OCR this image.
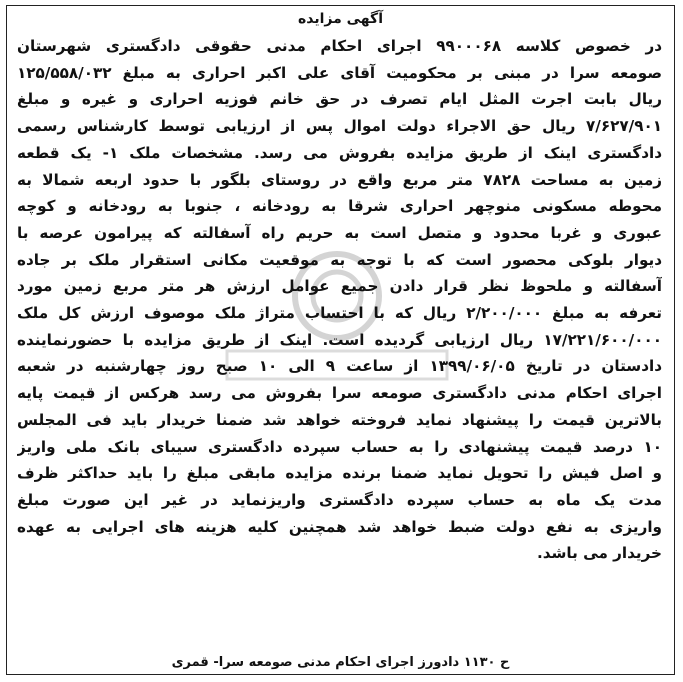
آگهی مزایده
در خصوص کلاسه ۹۹۰۰۰۶۸ اجرای احکام مدنی حقوقی دادگستری شهرستان
صومعه سرا در مبنی بر محکومیت آقای علی اکبر احراری به مبلغ ۱۲۵/۵۵۸/۰۳۲
ریال بابت اجرت المثل ایام تصرف در حق خانم فوزیه احراری و غیره و مبلغ
۷/۶۲۷/۹۰۱ ریال حق الاجراء دولت اموال پس از ارزیابی توسط کارشناس رسمی
دادگستری اینک از طریق مزایده بفروش می رسد. مشخصات ملک ۱- یک قطعه
زمین به مساحت ۷۸۲۸ متر مربع واقع در روستای بلگور با حدود اربعه شمالا به
محوطه مسکونی منوچهر احراری شرقا به رودخانه ، جنوبا به رودخانه و کوچه
عبوری و غربا محدود و متصل است به حریم راه آسفالته که پیرامون عرصه با
دیوار بلوکی محصور است که با توجه به موقعیت مکانی استقرار ملک بر جاده
آسفالته و ملحوظ نظر قرار دادن جمیع عوامل ارزش هر متر مربع زمین مورد
تعرفه به مبلغ ۲/۲۰۰/۰۰۰ ریال که با احتساب متراژ ملک موصوف ارزش کل ملک
۱۷/۲۲۱/۶۰۰/۰۰۰ ریال ارزیابی گردیده است. اینک از طریق مزایده با حضورنماینده
دادستان در تاریخ ۱۳۹۹/۰۶/۰۵ از ساعت ۹ الی ۱۰ صبح روز چهارشنبه در شعبه
اجرای احکام مدنی دادگستری صومعه سرا بفروش می رسد هرکس از قیمت پایه
بالاترین قیمت را پیشنهاد نماید فروخته خواهد شد ضمنا خریدار باید فی المجلس
۱۰ درصد قیمت پیشنهادی را به حساب سپرده دادگستری سیبای بانک ملی واریز
و اصل فیش را تحویل نماید ضمنا برنده مزایده مابقی مبلغ را باید حداکثر ظرف
مدت یک ماه به حساب سپرده دادگستری واریزنماید در غیر این صورت مبلغ
واریزی به نفع دولت ضبط خواهد شد همچنین کلیه هزینه های اجرایی به عهده
خریدار می باشد.
ح ۱۱۳۰ دادورز اجرای احکام مدنی صومعه سرا- قمری
